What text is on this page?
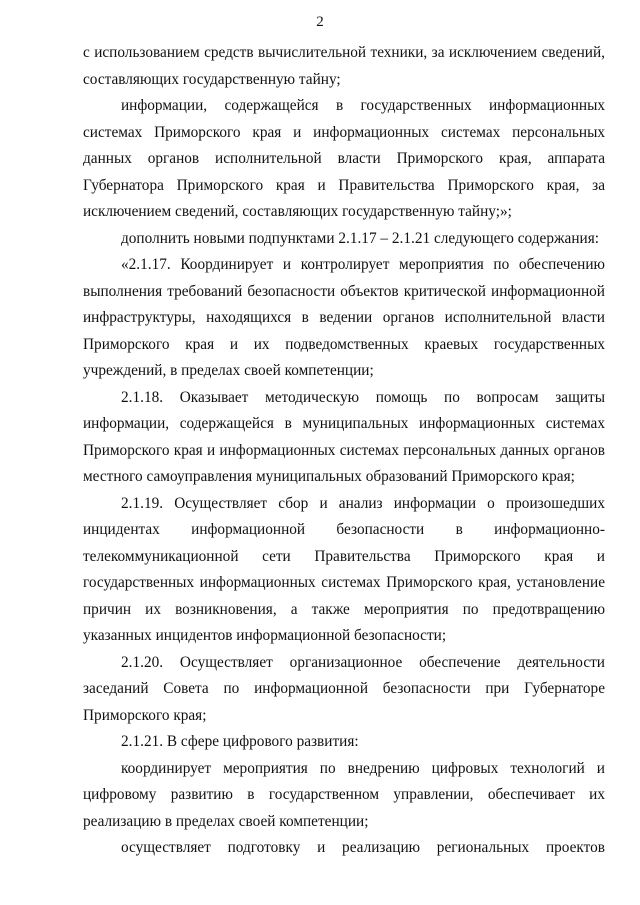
2

с использованием средств вычислительной техники, за исключением сведений, составляющих государственную тайну;

информации, содержащейся в государственных информационных системах Приморского края и информационных системах персональных данных органов исполнительной власти Приморского края, аппарата Губернатора Приморского края и Правительства Приморского края, за исключением сведений, составляющих государственную тайну;»;

дополнить новыми подпунктами 2.1.17 – 2.1.21 следующего содержания:

«2.1.17. Координирует и контролирует мероприятия по обеспечению выполнения требований безопасности объектов критической информационной инфраструктуры, находящихся в ведении органов исполнительной власти Приморского края и их подведомственных краевых государственных учреждений, в пределах своей компетенции;

2.1.18. Оказывает методическую помощь по вопросам защиты информации, содержащейся в муниципальных информационных системах Приморского края и информационных системах персональных данных органов местного самоуправления муниципальных образований Приморского края;

2.1.19. Осуществляет сбор и анализ информации о произошедших инцидентах информационной безопасности в информационно-телекоммуникационной сети Правительства Приморского края и государственных информационных системах Приморского края, установление причин их возникновения, а также мероприятия по предотвращению указанных инцидентов информационной безопасности;

2.1.20. Осуществляет организационное обеспечение деятельности заседаний Совета по информационной безопасности при Губернаторе Приморского края;

2.1.21. В сфере цифрового развития:

координирует мероприятия по внедрению цифровых технологий и цифровому развитию в государственном управлении, обеспечивает их реализацию в пределах своей компетенции;

осуществляет подготовку и реализацию региональных проектов
